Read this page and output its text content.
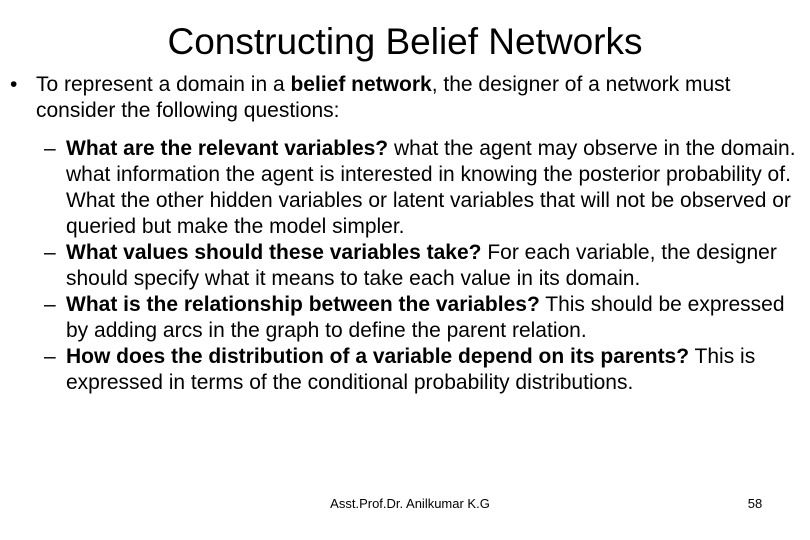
Constructing Belief Networks
• To represent a domain in a belief network, the designer of a network must consider the following questions:
– What are the relevant variables? what the agent may observe in the domain. what information the agent is interested in knowing the posterior probability of. What the other hidden variables or latent variables that will not be observed or queried but make the model simpler.
– What values should these variables take? For each variable, the designer should specify what it means to take each value in its domain.
– What is the relationship between the variables? This should be expressed by adding arcs in the graph to define the parent relation.
– How does the distribution of a variable depend on its parents? This is expressed in terms of the conditional probability distributions.
Asst.Prof.Dr. Anilkumar K.G	58
